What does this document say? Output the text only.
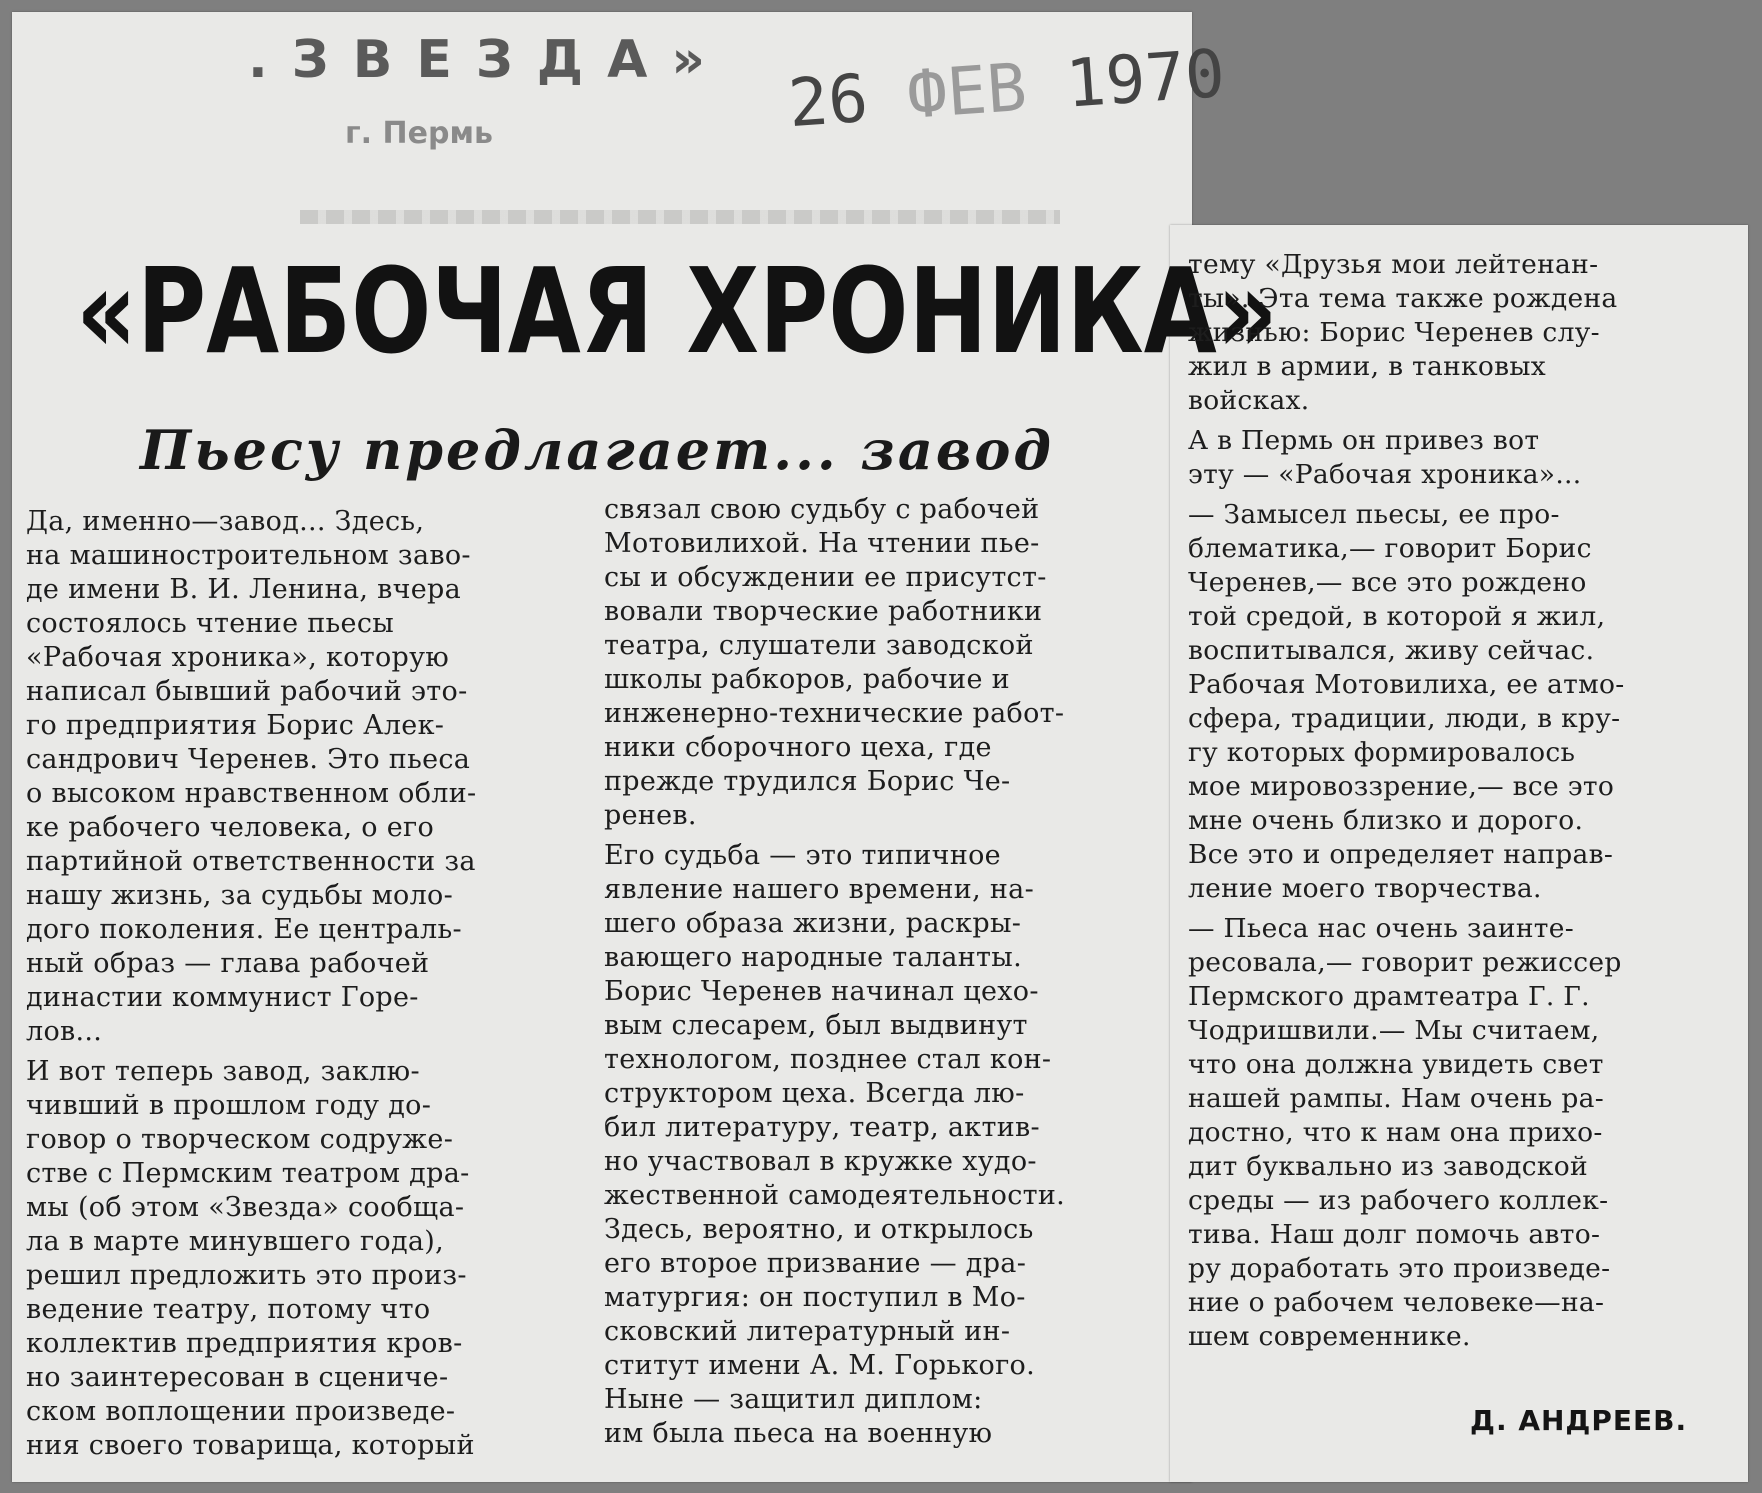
.ЗВЕЗДА»
г. Пермь	26 ФЕВ 1970
«РАБОЧАЯ ХРОНИКА»
Пьесу предлагает... завод
Да, именно—завод... Здесь,
на машиностроительном заво-
де имени В. И. Ленина, вчера
состоялось чтение пьесы
«Рабочая хроника», которую
написал бывший рабочий это-
го предприятия Борис Алек-
сандрович Черенев. Это пьеса
о высоком нравственном обли-
ке рабочего человека, о его
партийной ответственности за
нашу жизнь, за судьбы моло-
дого поколения. Ее централь-
ный образ — глава рабочей
династии коммунист Горе-
лов...
И вот теперь завод, заклю-
чивший в прошлом году до-
говор о творческом содруже-
стве с Пермским театром дра-
мы (об этом «Звезда» сообща-
ла в марте минувшего года),
решил предложить это произ-
ведение театру, потому что
коллектив предприятия кров-
но заинтересован в сцениче-
ском воплощении произведе-
ния своего товарища, который
связал свою судьбу с рабочей
Мотовилихой. На чтении пье-
сы и обсуждении ее присутст-
вовали творческие работники
театра, слушатели заводской
школы рабкоров, рабочие и
инженерно-технические работ-
ники сборочного цеха, где
прежде трудился Борис Че-
ренев.
Его судьба — это типичное
явление нашего времени, на-
шего образа жизни, раскры-
вающего народные таланты.
Борис Черенев начинал цехо-
вым слесарем, был выдвинут
технологом, позднее стал кон-
структором цеха. Всегда лю-
бил литературу, театр, актив-
но участвовал в кружке худо-
жественной самодеятельности.
Здесь, вероятно, и открылось
его второе призвание — дра-
матургия: он поступил в Мо-
сковский литературный ин-
ститут имени А. М. Горького.
Ныне — защитил диплом:
им была пьеса на военную
тему «Друзья мои лейтенан-
ты». Эта тема также рождена
жизнью: Борис Черенев слу-
жил в армии, в танковых
войсках.
А в Пермь он привез вот
эту — «Рабочая хроника»...
— Замысел пьесы, ее про-
блематика,— говорит Борис
Черенев,— все это рождено
той средой, в которой я жил,
воспитывался, живу сейчас.
Рабочая Мотовилиха, ее атмо-
сфера, традиции, люди, в кру-
гу которых формировалось
мое мировоззрение,— все это
мне очень близко и дорого.
Все это и определяет направ-
ление моего творчества.
— Пьеса нас очень заинте-
ресовала,— говорит режиссер
Пермского драмтеатра Г. Г.
Чодришвили.— Мы считаем,
что она должна увидеть свет
нашей рампы. Нам очень ра-
достно, что к нам она прихо-
дит буквально из заводской
среды — из рабочего коллек-
тива. Наш долг помочь авто-
ру доработать это произведе-
ние о рабочем человеке—на-
шем современнике.
Д. АНДРЕЕВ.
